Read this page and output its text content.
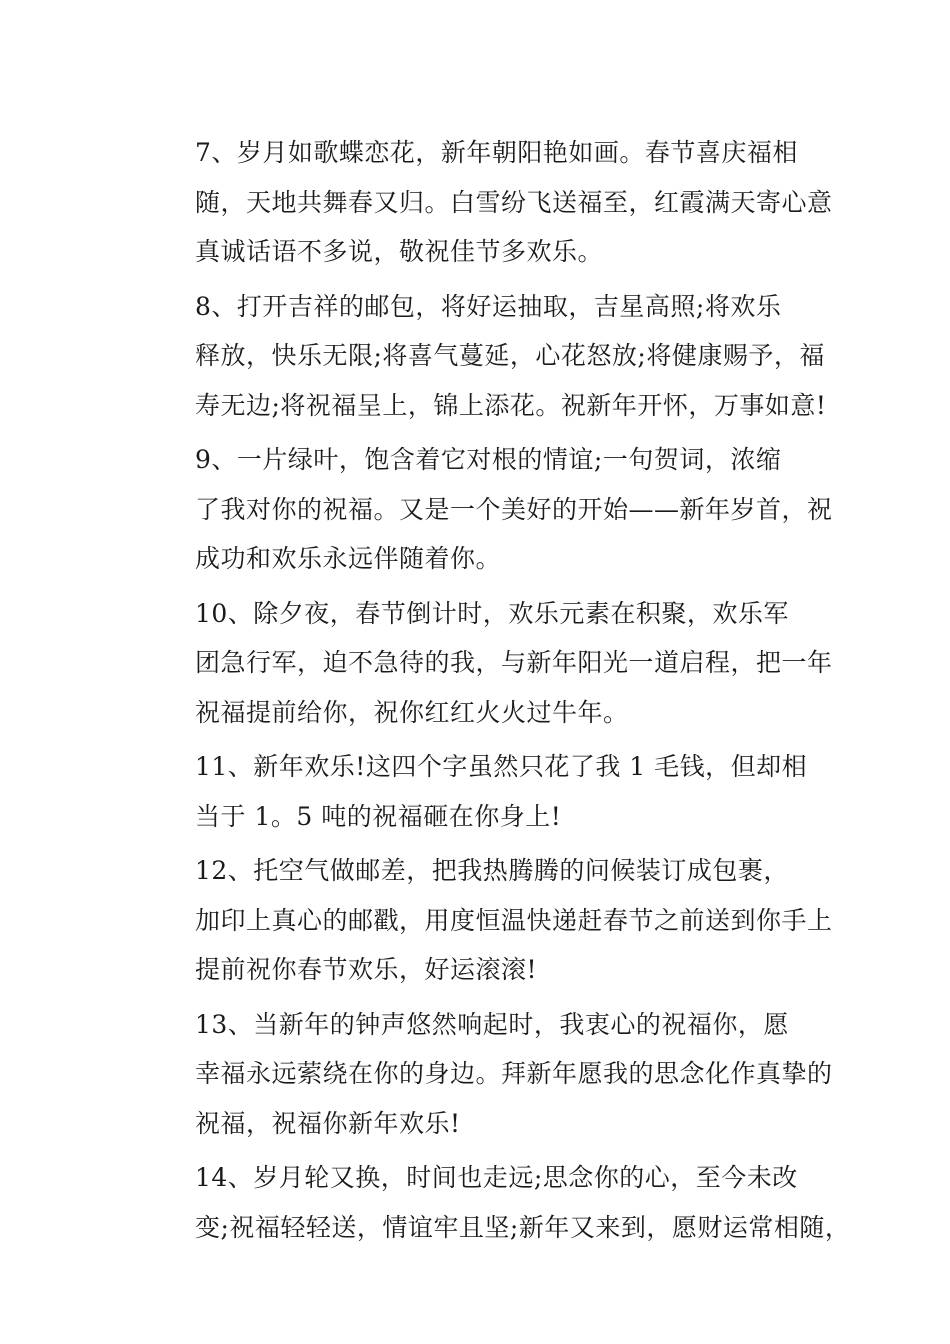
7、岁月如歌蝶恋花，新年朝阳艳如画。春节喜庆福相
随，天地共舞春又归。白雪纷飞送福至，红霞满天寄心意
真诚话语不多说，敬祝佳节多欢乐。

8、打开吉祥的邮包，将好运抽取，吉星高照;将欢乐
释放，快乐无限;将喜气蔓延，心花怒放;将健康赐予，福
寿无边;将祝福呈上，锦上添花。祝新年开怀，万事如意!

9、一片绿叶，饱含着它对根的情谊;一句贺词，浓缩
了我对你的祝福。又是一个美好的开始——新年岁首，祝
成功和欢乐永远伴随着你。

10、除夕夜，春节倒计时，欢乐元素在积聚，欢乐军
团急行军，迫不急待的我，与新年阳光一道启程，把一年
祝福提前给你，祝你红红火火过牛年。

11、新年欢乐!这四个字虽然只花了我 1 毛钱，但却相
当于 1。5 吨的祝福砸在你身上!

12、托空气做邮差，把我热腾腾的问候装订成包裹，
加印上真心的邮戳，用度恒温快递赶春节之前送到你手上
提前祝你春节欢乐，好运滚滚!

13、当新年的钟声悠然响起时，我衷心的祝福你，愿
幸福永远萦绕在你的身边。拜新年愿我的思念化作真挚的
祝福，祝福你新年欢乐!

14、岁月轮又换，时间也走远;思念你的心，至今未改
变;祝福轻轻送，情谊牢且坚;新年又来到，愿财运常相随，
